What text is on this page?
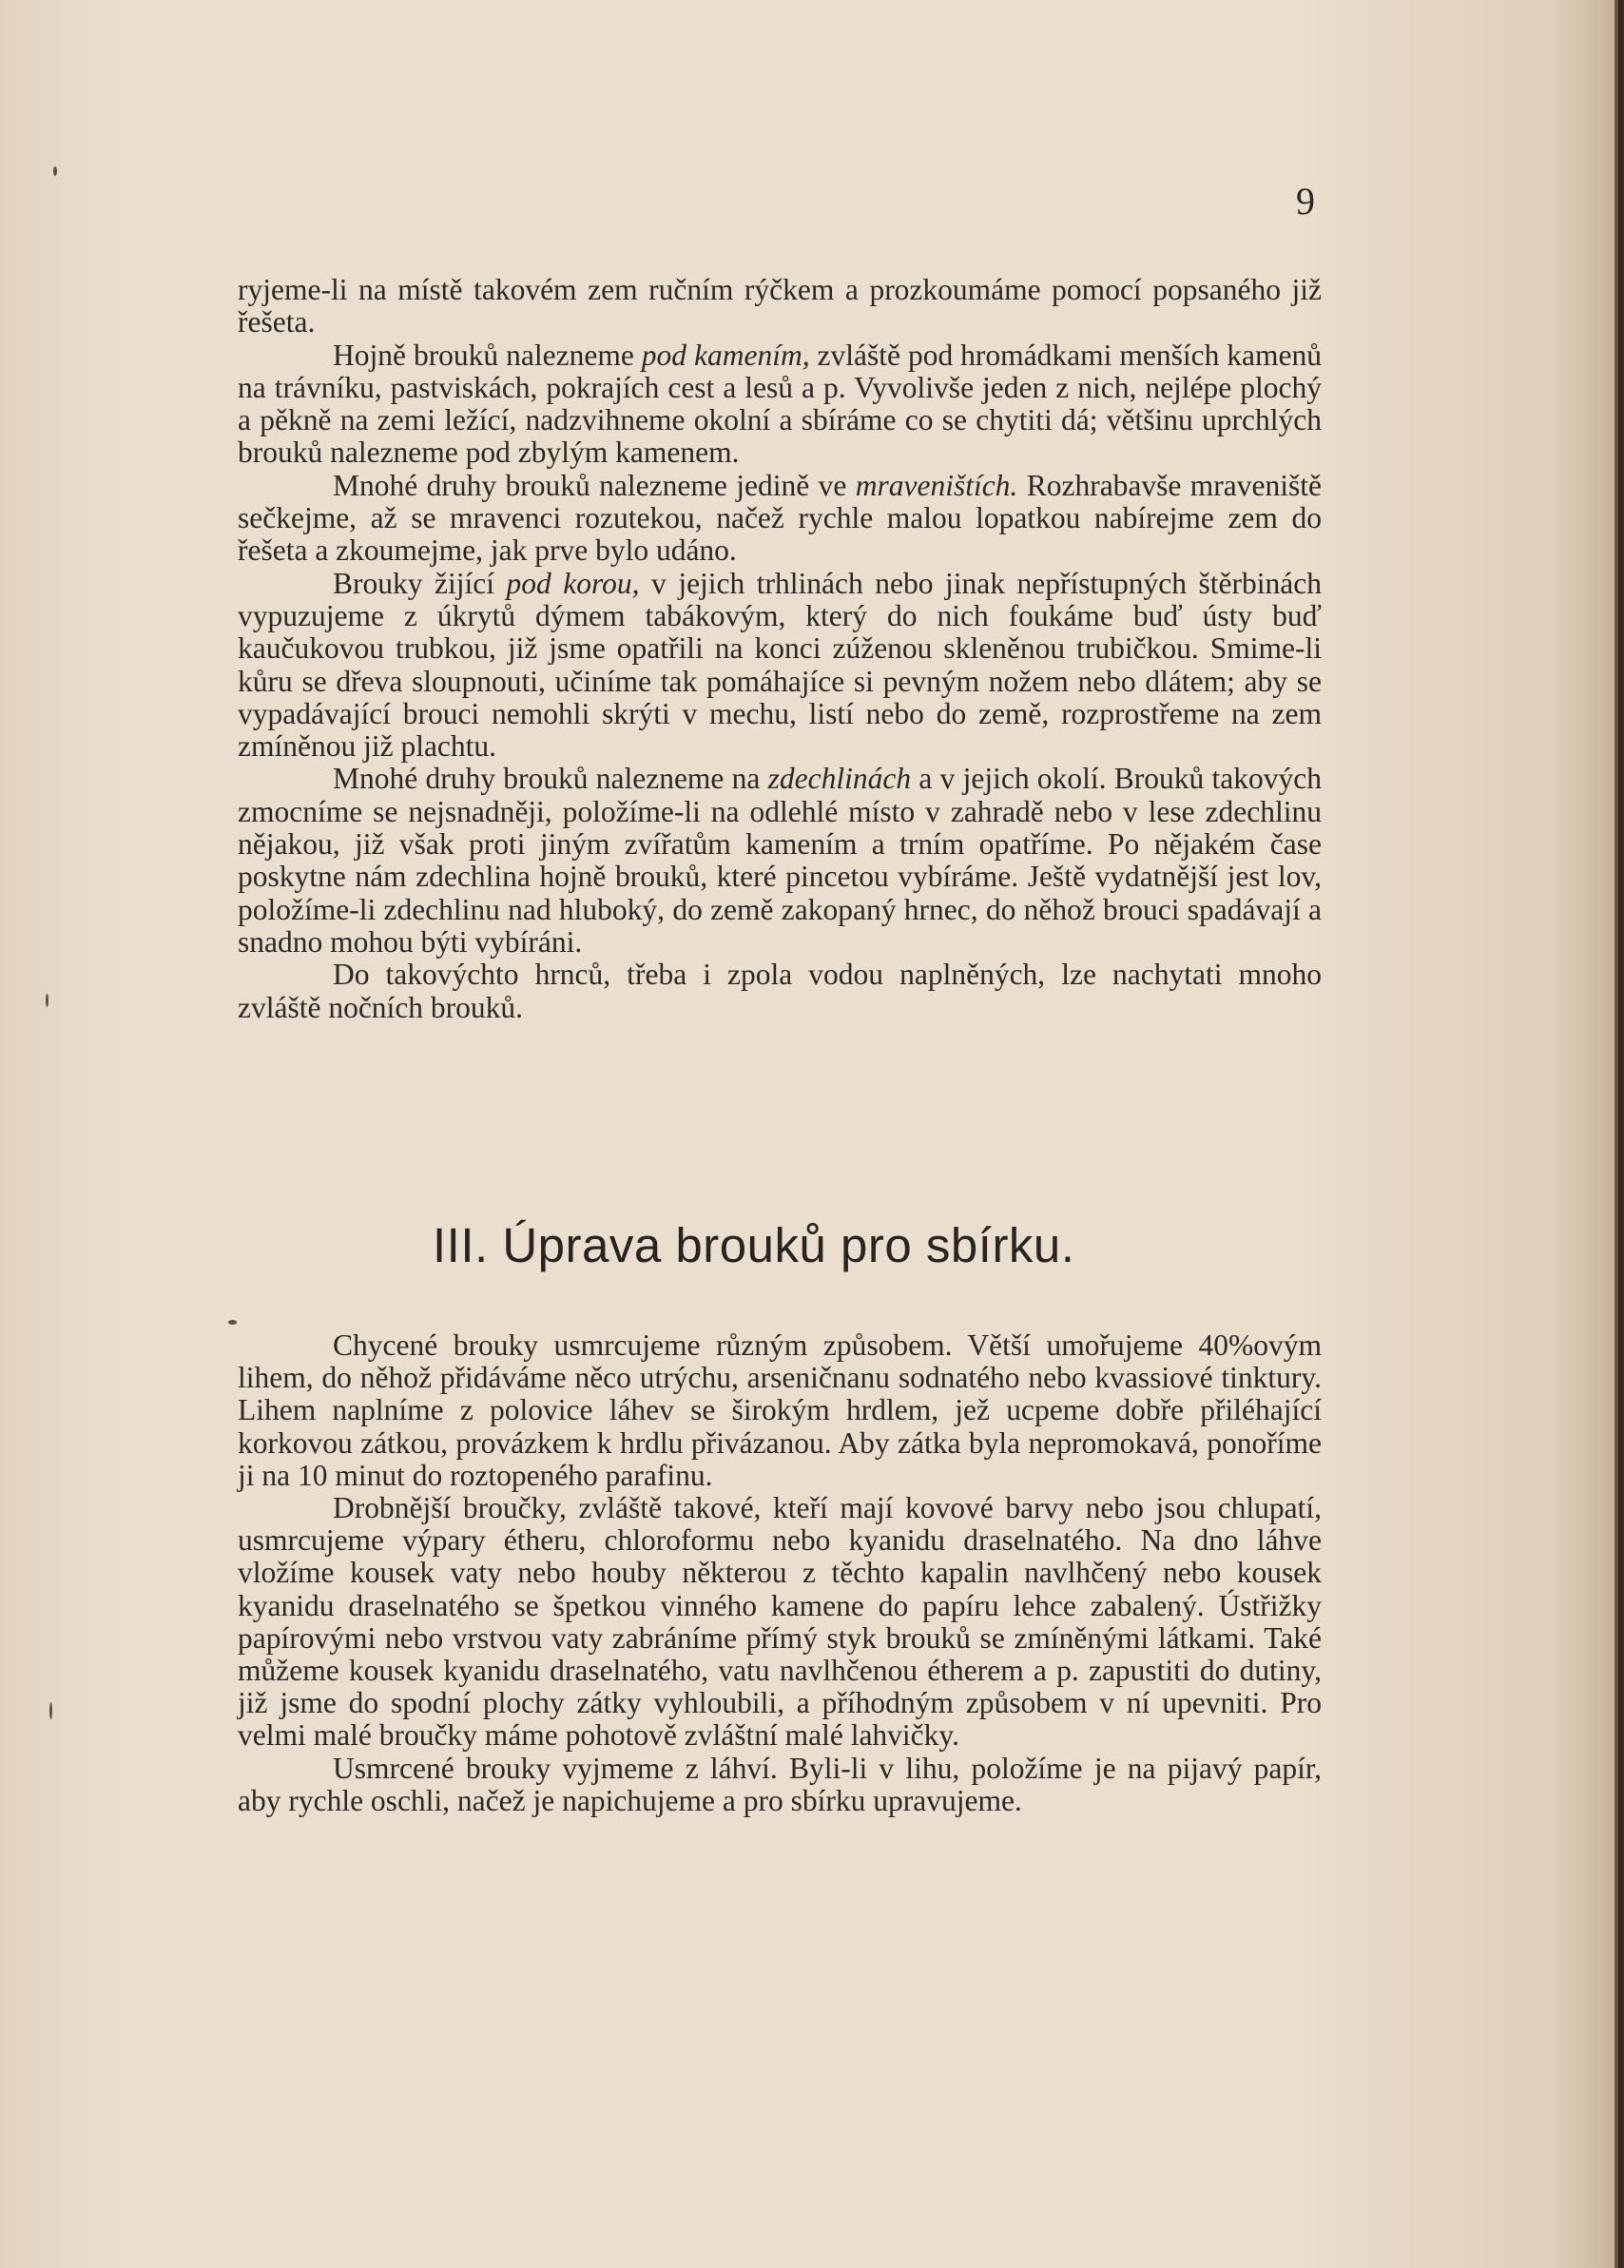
9

ryjeme-li na místě takovém zem ručním rýčkem a prozkoumáme pomocí popsaného již řešeta.

Hojně brouků nalezneme pod kamením, zvláště pod hromádkami menších kamenů na trávníku, pastviskách, pokrajích cest a lesů a p. Vyvolivše jeden z nich, nejlépe plochý a pěkně na zemi ležící, nadzvihneme okolní a sbíráme co se chytiti dá; většinu uprchlých brouků nalezneme pod zbylým kamenem.

Mnohé druhy brouků nalezneme jedině ve mraveništích. Rozhrabavše mraveniště sečkejme, až se mravenci rozutekou, načež rychle malou lopatkou nabírejme zem do řešeta a zkoumejme, jak prve bylo udáno.

Brouky žijící pod korou, v jejich trhlinách nebo jinak nepřístupných štěrbinách vypuzujeme z úkrytů dýmem tabákovým, který do nich foukáme buď ústy buď kaučukovou trubkou, již jsme opatřili na konci zúženou skleněnou trubičkou. Smime-li kůru se dřeva sloupnouti, učiníme tak pomáhajíce si pevným nožem nebo dlátem; aby se vypadávající brouci nemohli skrýti v mechu, listí nebo do země, rozprostřeme na zem zmíněnou již plachtu.

Mnohé druhy brouků nalezneme na zdechlinách a v jejich okolí. Brouků takových zmocníme se nejsnadněji, položíme-li na odlehlé místo v zahradě nebo v lese zdechlinu nějakou, již však proti jiným zvířatům kamením a trním opatříme. Po nějakém čase poskytne nám zdechlina hojně brouků, které pincetou vybíráme. Ještě vydatnější jest lov, položíme-li zdechlinu nad hluboký, do země zakopaný hrnec, do něhož brouci spadávají a snadno mohou býti vybíráni.

Do takovýchto hrnců, třeba i zpola vodou naplněných, lze nachytati mnoho zvláště nočních brouků.

III. Úprava brouků pro sbírku.

Chycené brouky usmrcujeme různým způsobem. Větší umořujeme 40%ovým lihem, do něhož přidáváme něco utrýchu, arseničnanu sodnatého nebo kvassiové tinktury. Lihem naplníme z polovice láhev se širokým hrdlem, jež ucpeme dobře přiléhající korkovou zátkou, provázkem k hrdlu přivázanou. Aby zátka byla nepromokavá, ponoříme ji na 10 minut do roztopeného parafinu.

Drobnější broučky, zvláště takové, kteří mají kovové barvy nebo jsou chlupatí, usmrcujeme výpary étheru, chloroformu nebo kyanidu draselnatého. Na dno láhve vložíme kousek vaty nebo houby některou z těchto kapalin navlhčený nebo kousek kyanidu draselnatého se špetkou vinného kamene do papíru lehce zabalený. Ústřižky papírovými nebo vrstvou vaty zabráníme přímý styk brouků se zmíněnými látkami. Také můžeme kousek kyanidu draselnatého, vatu navlhčenou étherem a p. zapustiti do dutiny, již jsme do spodní plochy zátky vyhloubili, a příhodným způsobem v ní upevniti. Pro velmi malé broučky máme pohotově zvláštní malé lahvičky.

Usmrcené brouky vyjmeme z láhví. Byli-li v lihu, položíme je na pijavý papír, aby rychle oschli, načež je napichujeme a pro sbírku upravujeme.
